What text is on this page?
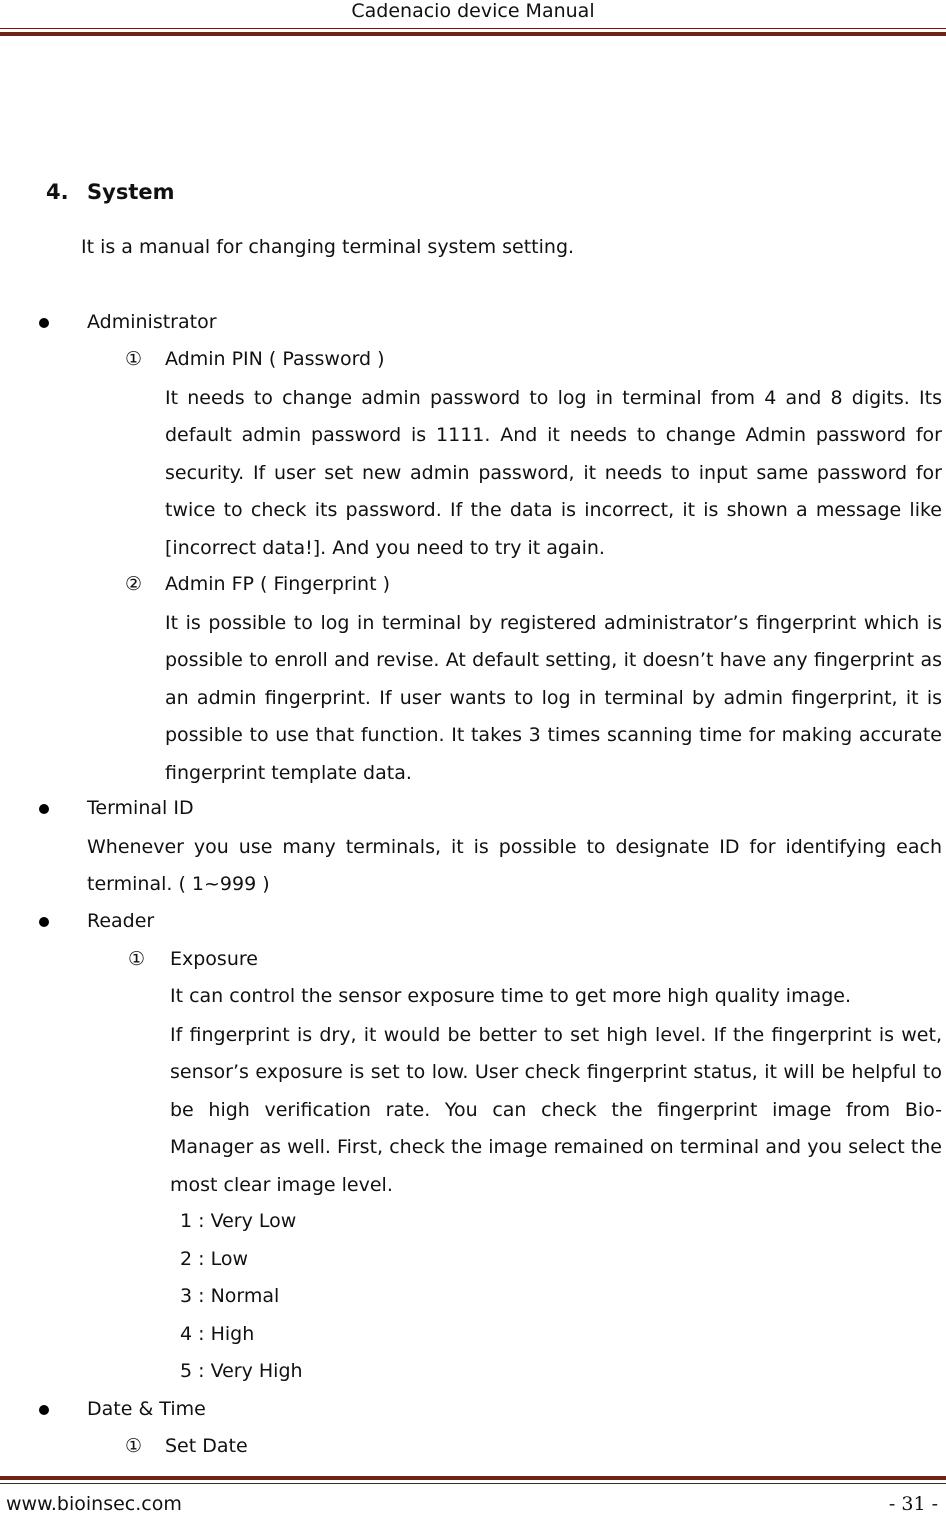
Cadenacio device Manual
4. System
It is a manual for changing terminal system setting.
Administrator
① Admin PIN ( Password )
It needs to change admin password to log in terminal from 4 and 8 digits. Its
default admin password is 1111. And it needs to change Admin password for
security. If user set new admin password, it needs to input same password for
twice to check its password. If the data is incorrect, it is shown a message like
[incorrect data!]. And you need to try it again.
② Admin FP ( Fingerprint )
It is possible to log in terminal by registered administrator’s fingerprint which is
possible to enroll and revise. At default setting, it doesn’t have any fingerprint as
an admin fingerprint. If user wants to log in terminal by admin fingerprint, it is
possible to use that function. It takes 3 times scanning time for making accurate
fingerprint template data.
Terminal ID
Whenever you use many terminals, it is possible to designate ID for identifying each
terminal. ( 1~999 )
Reader
① Exposure
It can control the sensor exposure time to get more high quality image.
If fingerprint is dry, it would be better to set high level. If the fingerprint is wet,
sensor’s exposure is set to low. User check fingerprint status, it will be helpful to
be high verification rate. You can check the fingerprint image from Bio-
Manager as well. First, check the image remained on terminal and you select the
most clear image level.
1 : Very Low
2 : Low
3 : Normal
4 : High
5 : Very High
Date & Time
① Set Date
www.bioinsec.com	- 31 -
